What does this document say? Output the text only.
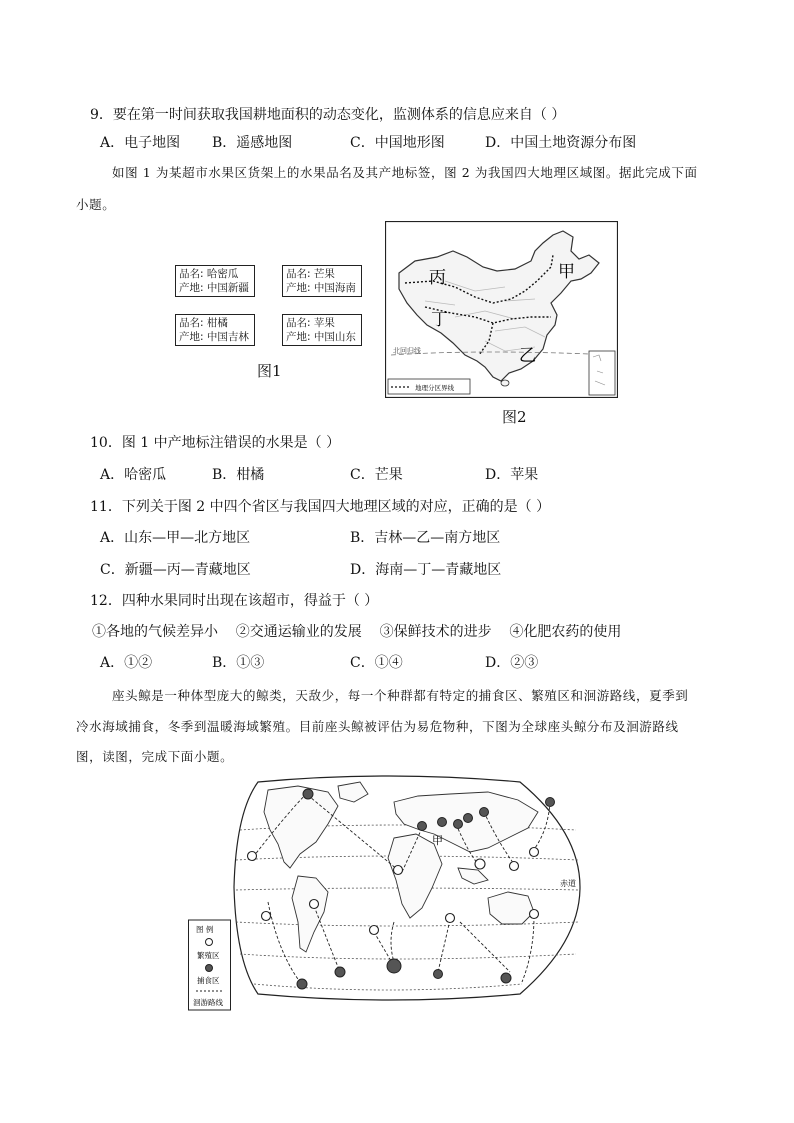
9．要在第一时间获取我国耕地面积的动态变化，监测体系的信息应来自（ ）
A．电子地图 B．遥感地图	C．中国地形图	D．中国土地资源分布图
如图 1 为某超市水果区货架上的水果品名及其产地标签，图 2 为我国四大地理区域图。据此完成下面
小题。
品名: 哈密瓜
产地: 中国新疆
品名: 芒果
产地: 中国海南
品名: 柑橘
产地: 中国吉林
品名: 苹果
产地: 中国山东
图1
北回归线
丙	甲
丁
乙
地理分区界线
图2
10．图 1 中产地标注错误的水果是（ ）
A．哈密瓜	B．柑橘	C．芒果	D．苹果
11．下列关于图 2 中四个省区与我国四大地理区域的对应，正确的是（ ）
A．山东—甲—北方地区	B．吉林—乙—南方地区
C．新疆—丙—青藏地区	D．海南—丁—青藏地区
12．四种水果同时出现在该超市，得益于（ ）
①各地的气候差异小    ②交通运输业的发展    ③保鲜技术的进步    ④化肥农药的使用
A．①②	B．①③	C．①④	D．②③
座头鲸是一种体型庞大的鲸类，天敌少，每一个种群都有特定的捕食区、繁殖区和洄游路线，夏季到
冷水海域捕食，冬季到温暖海域繁殖。目前座头鲸被评估为易危物种，下图为全球座头鲸分布及洄游路线
图，读图，完成下面小题。
甲
赤道
图 例
繁殖区
捕食区
洄游路线
